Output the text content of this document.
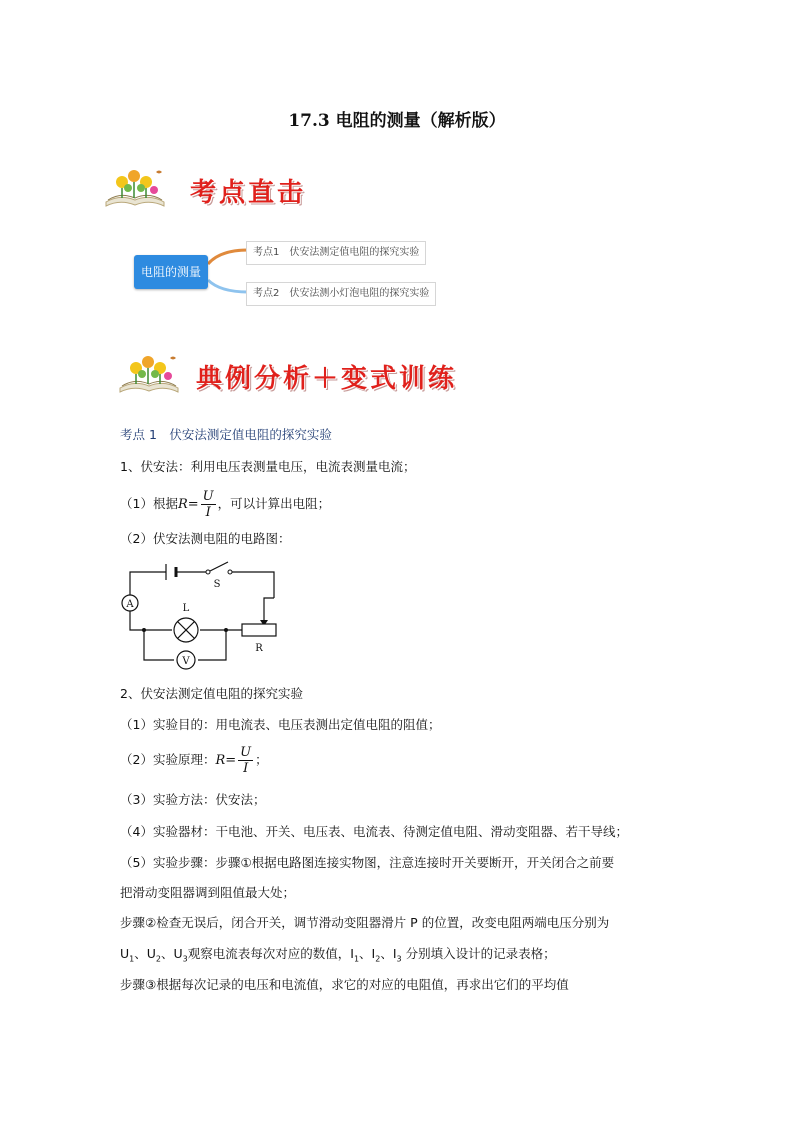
17.3 电阻的测量（解析版）
考点直击
电阻的测量
考点1　伏安法测定值电阻的探究实验
考点2　伏安法测小灯泡电阻的探究实验
典例分析＋变式训练
考点 1　伏安法测定值电阻的探究实验
1、伏安法：利用电压表测量电压，电流表测量电流；
（1）根据$R= \frac{U}{I}$ ，可以计算出电阻；
（2）伏安法测电阻的电路图：
A
V
L
S
R
2、伏安法测定值电阻的探究实验
（1）实验目的：用电流表、电压表测出定值电阻的阻值；
（2）实验原理：$R= \frac{U}{I}$ ；
（3）实验方法：伏安法；
（4）实验器材：干电池、开关、电压表、电流表、待测定值电阻、滑动变阻器、若干导线；
（5）实验步骤：步骤①根据电路图连接实物图，注意连接时开关要断开，开关闭合之前要
把滑动变阻器调到阻值最大处；
步骤②检查无误后，闭合开关，调节滑动变阻器滑片 P 的位置，改变电阻两端电压分别为
$U_1$、$U_2$、$U_3$观察电流表每次对应的数值，$I_1$、$I_2$、$I_3$ 分别填入设计的记录表格；
步骤③根据每次记录的电压和电流值，求它的对应的电阻值，再求出它们的平均值
